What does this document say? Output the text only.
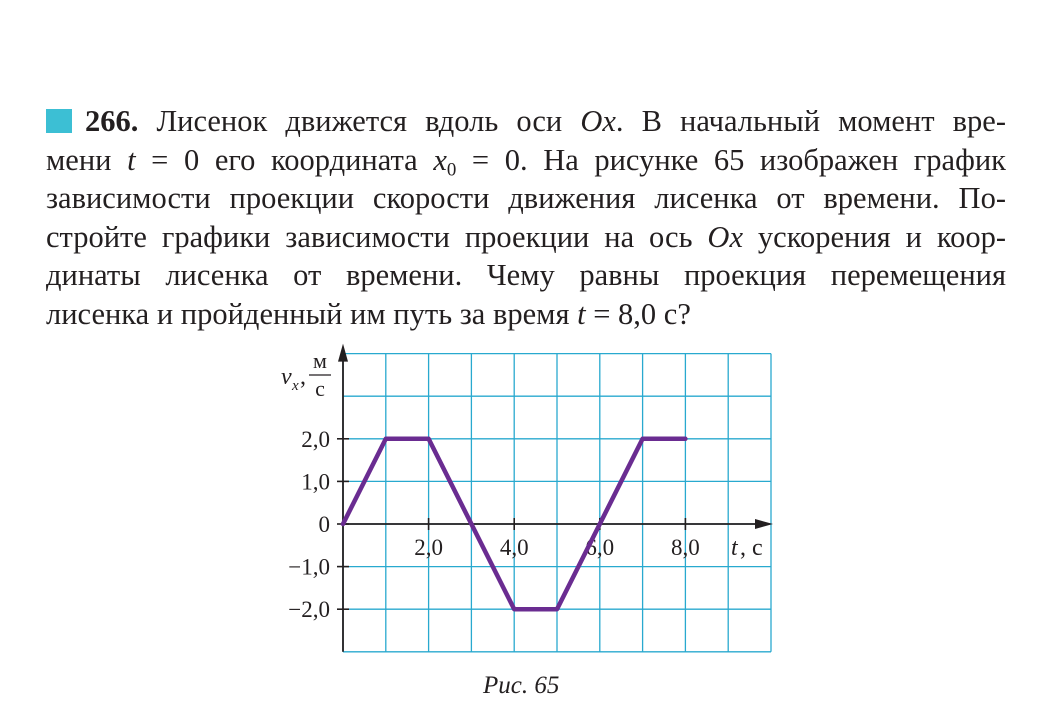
266. Лисенок движется вдоль оси Ox. В начальный момент вре-
мени t = 0 его координата $x_0 = 0$. На рисунке 65 изображен график
зависимости проекции скорости движения лисенка от времени. По-
стройте графики зависимости проекции на ось Ox ускорения и коор-
динаты лисенка от времени. Чему равны проекция перемещения
лисенка и пройденный им путь за время t = 8,0 с?
2,0 4,0 6,0 8,0
2,0
1,0
0
−1,0
−2,0
v x ,
м
с
t , с
Рис. 65
